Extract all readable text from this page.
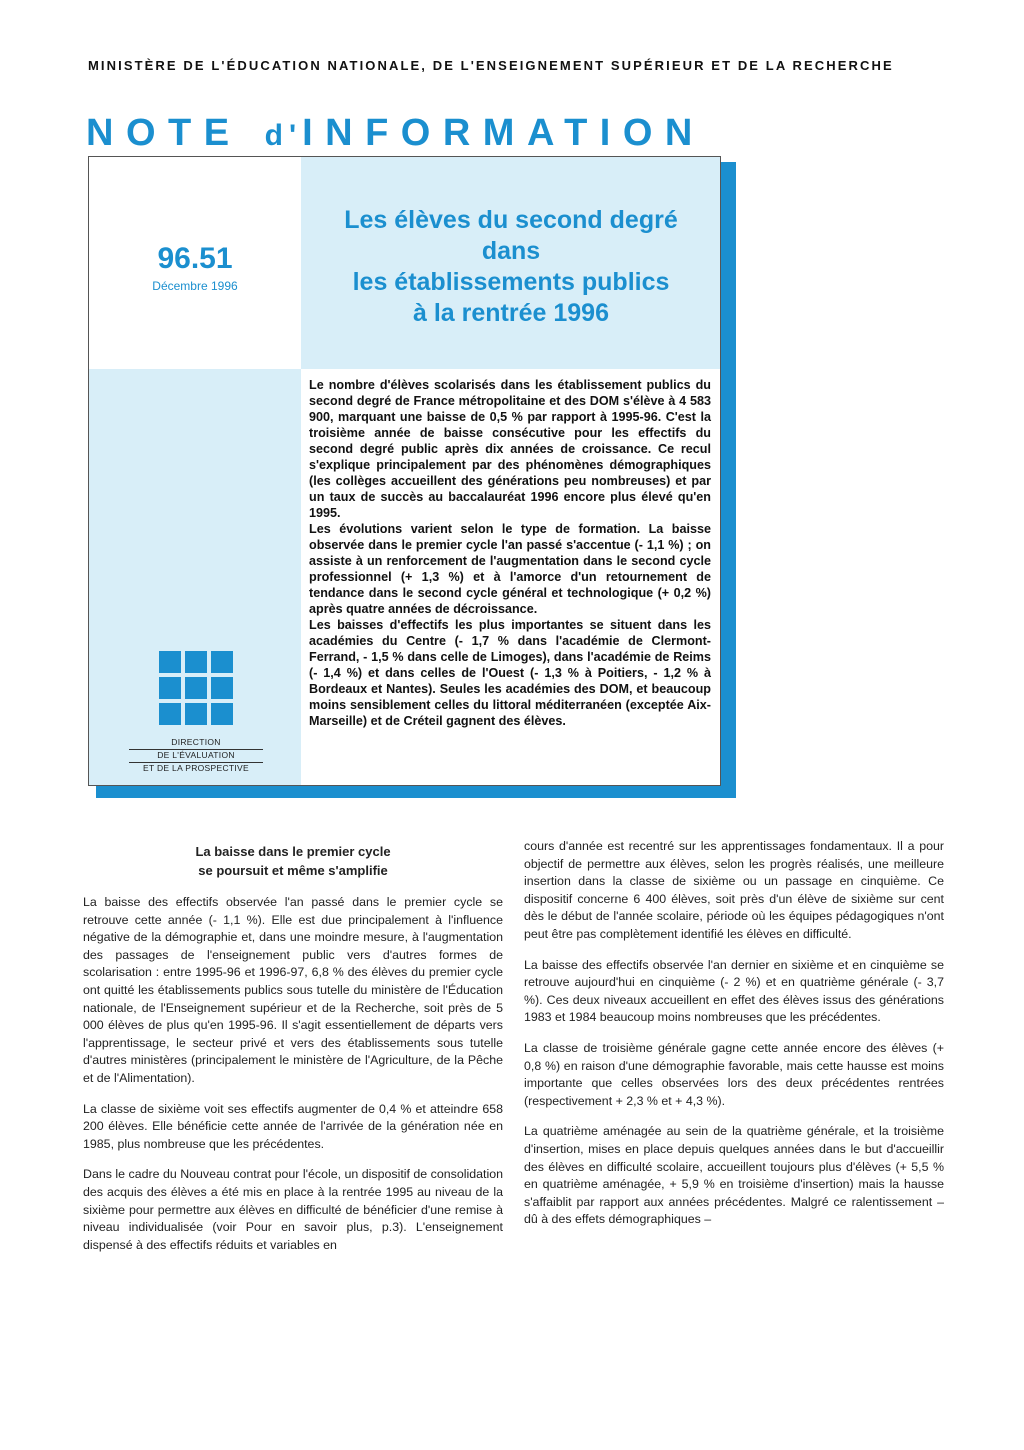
MINISTÈRE DE L'ÉDUCATION NATIONALE, DE L'ENSEIGNEMENT SUPÉRIEUR ET DE LA RECHERCHE
NOTE d'INFORMATION
96.51
Décembre 1996
Les élèves du second degré
dans
les établissements publics
à la rentrée 1996
DIRECTION
DE L'ÉVALUATION
ET DE LA PROSPECTIVE

Le nombre d'élèves scolarisés dans les établissement publics du second degré de France métropolitaine et des DOM s'élève à 4 583 900, marquant une baisse de 0,5 % par rapport à 1995-96. C'est la troisième année de baisse consécutive pour les effectifs du second degré public après dix années de croissance. Ce recul s'explique principalement par des phénomènes démographiques (les collèges accueillent des générations peu nombreuses) et par un taux de succès au baccalauréat 1996 encore plus élevé qu'en 1995.

Les évolutions varient selon le type de formation. La baisse observée dans le premier cycle l'an passé s'accentue (- 1,1 %) ; on assiste à un renforcement de l'augmentation dans le second cycle professionnel (+ 1,3 %) et à l'amorce d'un retournement de tendance dans le second cycle général et technologique (+ 0,2 %) après quatre années de décroissance.

Les baisses d'effectifs les plus importantes se situent dans les académies du Centre (- 1,7 % dans l'académie de Clermont-Ferrand, - 1,5 % dans celle de Limoges), dans l'académie de Reims (- 1,4 %) et dans celles de l'Ouest (- 1,3 % à Poitiers, - 1,2 % à Bordeaux et Nantes). Seules les académies des DOM, et beaucoup moins sensiblement celles du littoral méditerranéen (exceptée Aix-Marseille) et de Créteil gagnent des élèves.

La baisse dans le premier cycle
se poursuit et même s'amplifie

La baisse des effectifs observée l'an passé dans le premier cycle se retrouve cette année (- 1,1 %). Elle est due principalement à l'influence négative de la démographie et, dans une moindre mesure, à l'augmentation des passages de l'enseignement public vers d'autres formes de scolarisation : entre 1995-96 et 1996-97, 6,8 % des élèves du premier cycle ont quitté les établissements publics sous tutelle du ministère de l'Éducation nationale, de l'Enseignement supérieur et de la Recherche, soit près de 5 000 élèves de plus qu'en 1995-96. Il s'agit essentiellement de départs vers l'apprentissage, le secteur privé et vers des établissements sous tutelle d'autres ministères (principalement le ministère de l'Agriculture, de la Pêche et de l'Alimentation).

La classe de sixième voit ses effectifs augmenter de 0,4 % et atteindre 658 200 élèves. Elle bénéficie cette année de l'arrivée de la génération née en 1985, plus nombreuse que les précédentes.

Dans le cadre du Nouveau contrat pour l'école, un dispositif de consolidation des acquis des élèves a été mis en place à la rentrée 1995 au niveau de la sixième pour permettre aux élèves en difficulté de bénéficier d'une remise à niveau individualisée (voir Pour en savoir plus, p.3). L'enseignement dispensé à des effectifs réduits et variables en

cours d'année est recentré sur les apprentissages fondamentaux. Il a pour objectif de permettre aux élèves, selon les progrès réalisés, une meilleure insertion dans la classe de sixième ou un passage en cinquième. Ce dispositif concerne 6 400 élèves, soit près d'un élève de sixième sur cent dès le début de l'année scolaire, période où les équipes pédagogiques n'ont peut être pas complètement identifié les élèves en difficulté.

La baisse des effectifs observée l'an dernier en sixième et en cinquième se retrouve aujourd'hui en cinquième (- 2 %) et en quatrième générale (- 3,7 %). Ces deux niveaux accueillent en effet des élèves issus des générations 1983 et 1984 beaucoup moins nombreuses que les précédentes.

La classe de troisième générale gagne cette année encore des élèves (+ 0,8 %) en raison d'une démographie favorable, mais cette hausse est moins importante que celles observées lors des deux précédentes rentrées (respectivement + 2,3 % et + 4,3 %).

La quatrième aménagée au sein de la quatrième générale, et la troisième d'insertion, mises en place depuis quelques années dans le but d'accueillir des élèves en difficulté scolaire, accueillent toujours plus d'élèves (+ 5,5 % en quatrième aménagée, + 5,9 % en troisième d'insertion) mais la hausse s'affaiblit par rapport aux années précédentes. Malgré ce ralentissement – dû à des effets démographiques –
